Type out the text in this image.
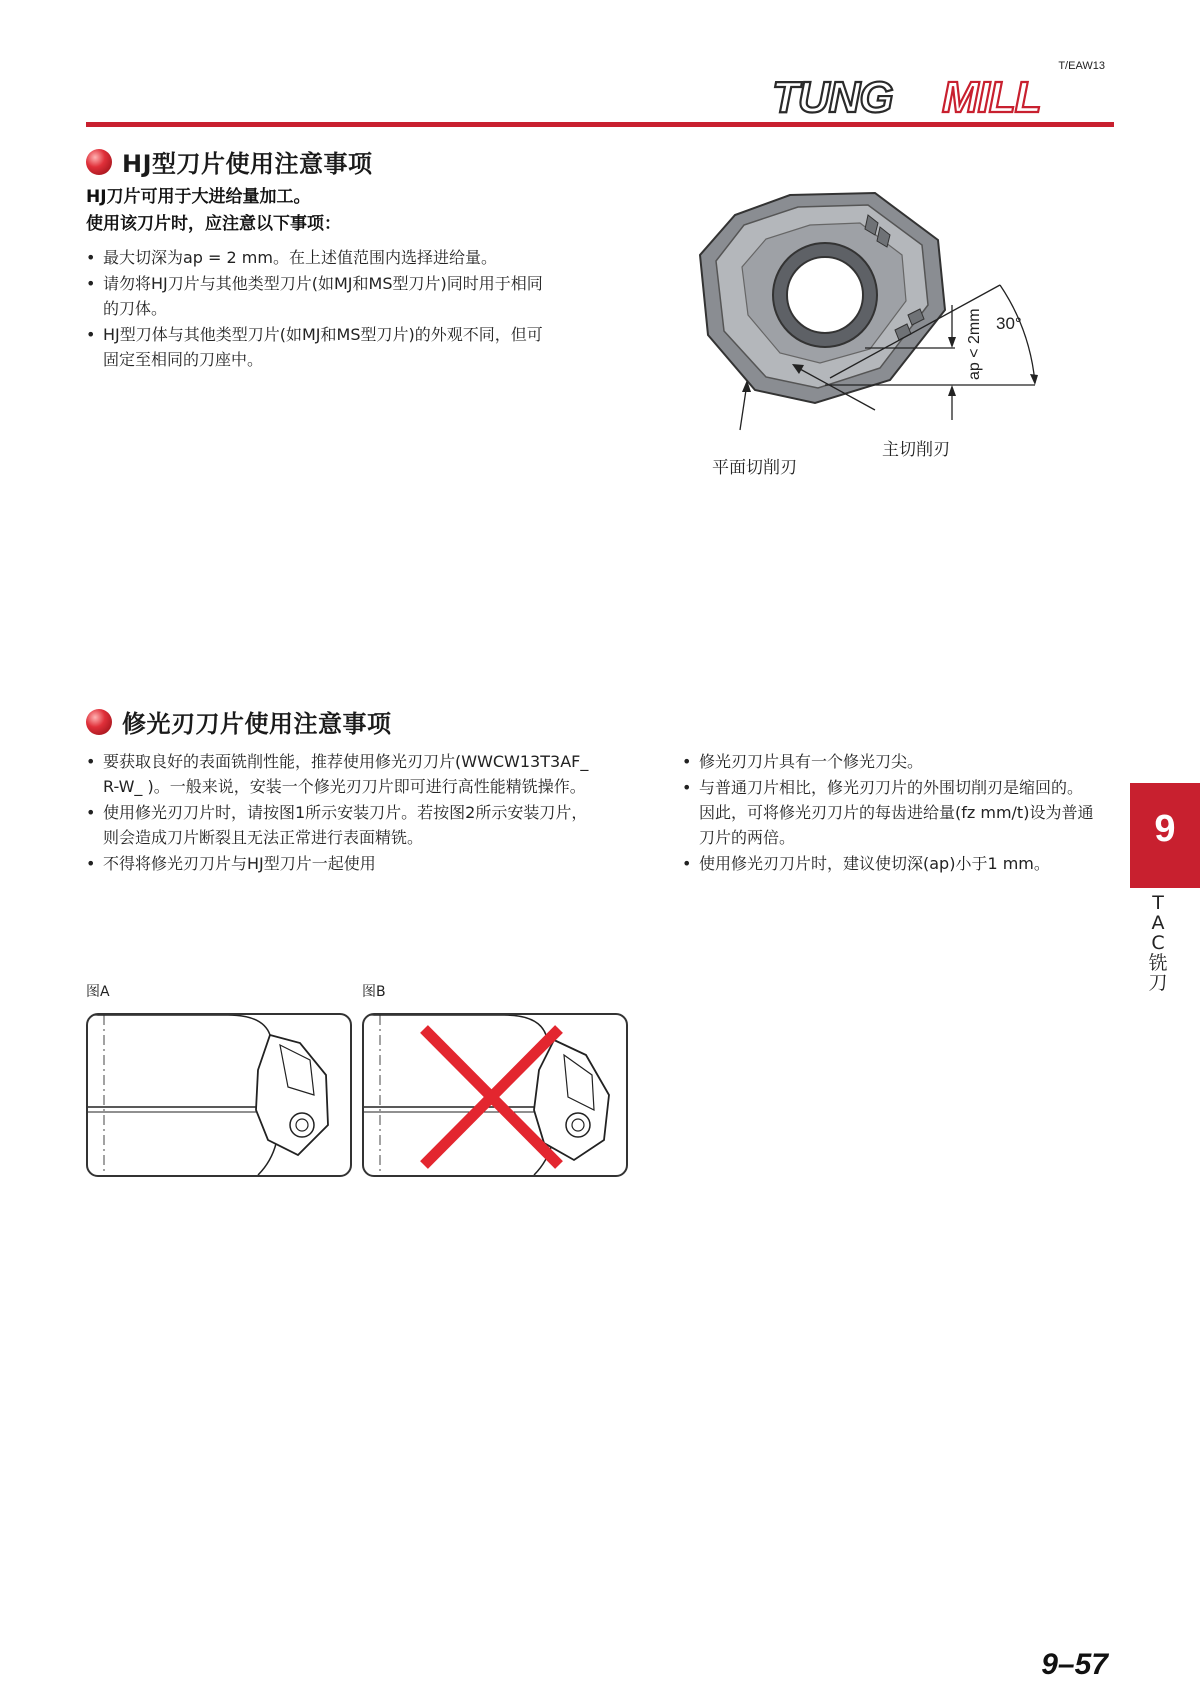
T/EAW13
TUNG MILL
HJ型刀片使用注意事项
HJ刀片可用于大进给量加工。
使用该刀片时，应注意以下事项：
• 最大切深为ap = 2 mm。在上述值范围内选择进给量。
• 请勿将HJ刀片与其他类型刀片(如MJ和MS型刀片)同时用于相同
的刀体。
• HJ型刀体与其他类型刀片(如MJ和MS型刀片)的外观不同，但可
固定至相同的刀座中。
30°
ap < 2mm
主切削刃
平面切削刃
修光刃刀片使用注意事项
• 要获取良好的表面铣削性能，推荐使用修光刃刀片(WWCW13T3AF_
R-W_ )。一般来说，安装一个修光刃刀片即可进行高性能精铣操作。
• 使用修光刃刀片时，请按图1所示安装刀片。若按图2所示安装刀片，
则会造成刀片断裂且无法正常进行表面精铣。
• 不得将修光刃刀片与HJ型刀片一起使用
• 修光刃刀片具有一个修光刀尖。
• 与普通刀片相比，修光刃刀片的外围切削刃是缩回的。
因此，可将修光刃刀片的每齿进给量(fz mm/t)设为普通
刀片的两倍。
• 使用修光刃刀片时，建议使切深(ap)小于1 mm。
图A	图B
9
T
A
C
铣
刀
9–57
